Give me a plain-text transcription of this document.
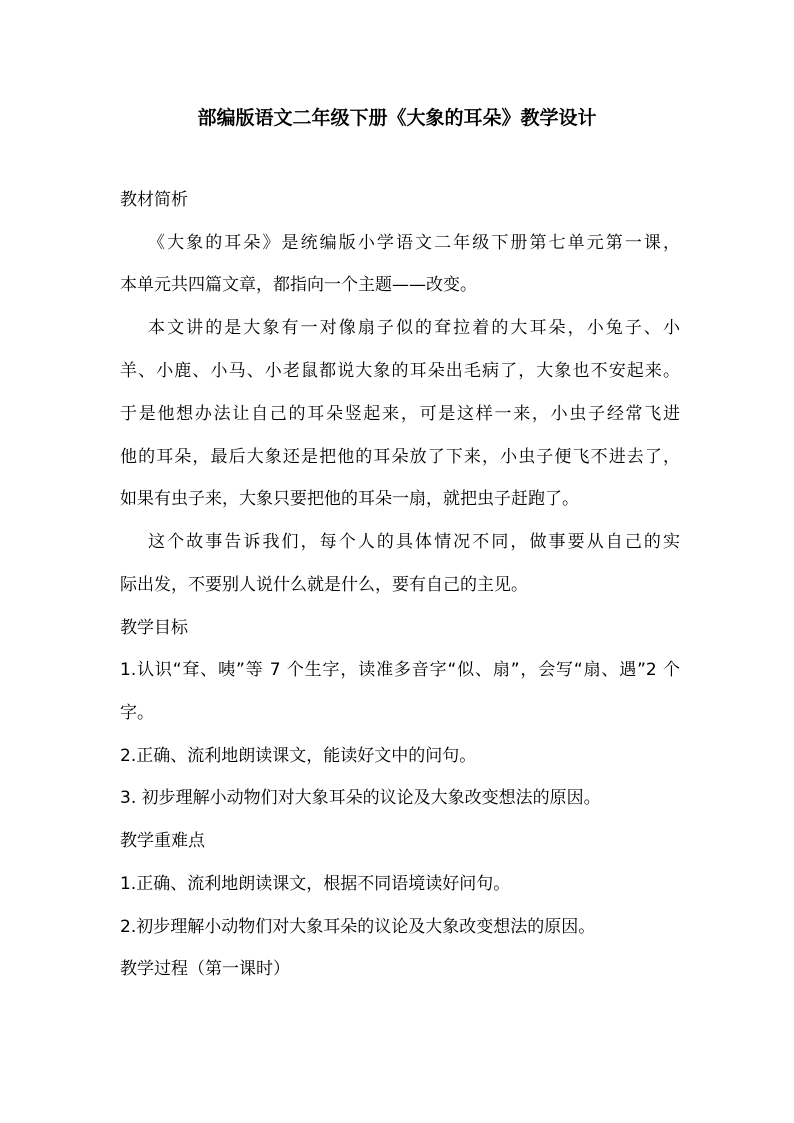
部编版语文二年级下册《大象的耳朵》教学设计
教材简析
《大象的耳朵》是统编版小学语文二年级下册第七单元第一课，
本单元共四篇文章，都指向一个主题——改变。
本文讲的是大象有一对像扇子似的耷拉着的大耳朵，小兔子、小
羊、小鹿、小马、小老鼠都说大象的耳朵出毛病了，大象也不安起来。
于是他想办法让自己的耳朵竖起来，可是这样一来，小虫子经常飞进
他的耳朵，最后大象还是把他的耳朵放了下来，小虫子便飞不进去了，
如果有虫子来，大象只要把他的耳朵一扇，就把虫子赶跑了。
这个故事告诉我们，每个人的具体情况不同，做事要从自己的实
际出发，不要别人说什么就是什么，要有自己的主见。
教学目标
1.认识“耷、咦”等 7 个生字，读准多音字“似、扇”，会写“扇、遇”2 个
字。
2.正确、流利地朗读课文，能读好文中的问句。
3. 初步理解小动物们对大象耳朵的议论及大象改变想法的原因。
教学重难点
1.正确、流利地朗读课文，根据不同语境读好问句。
2.初步理解小动物们对大象耳朵的议论及大象改变想法的原因。
教学过程（第一课时）
